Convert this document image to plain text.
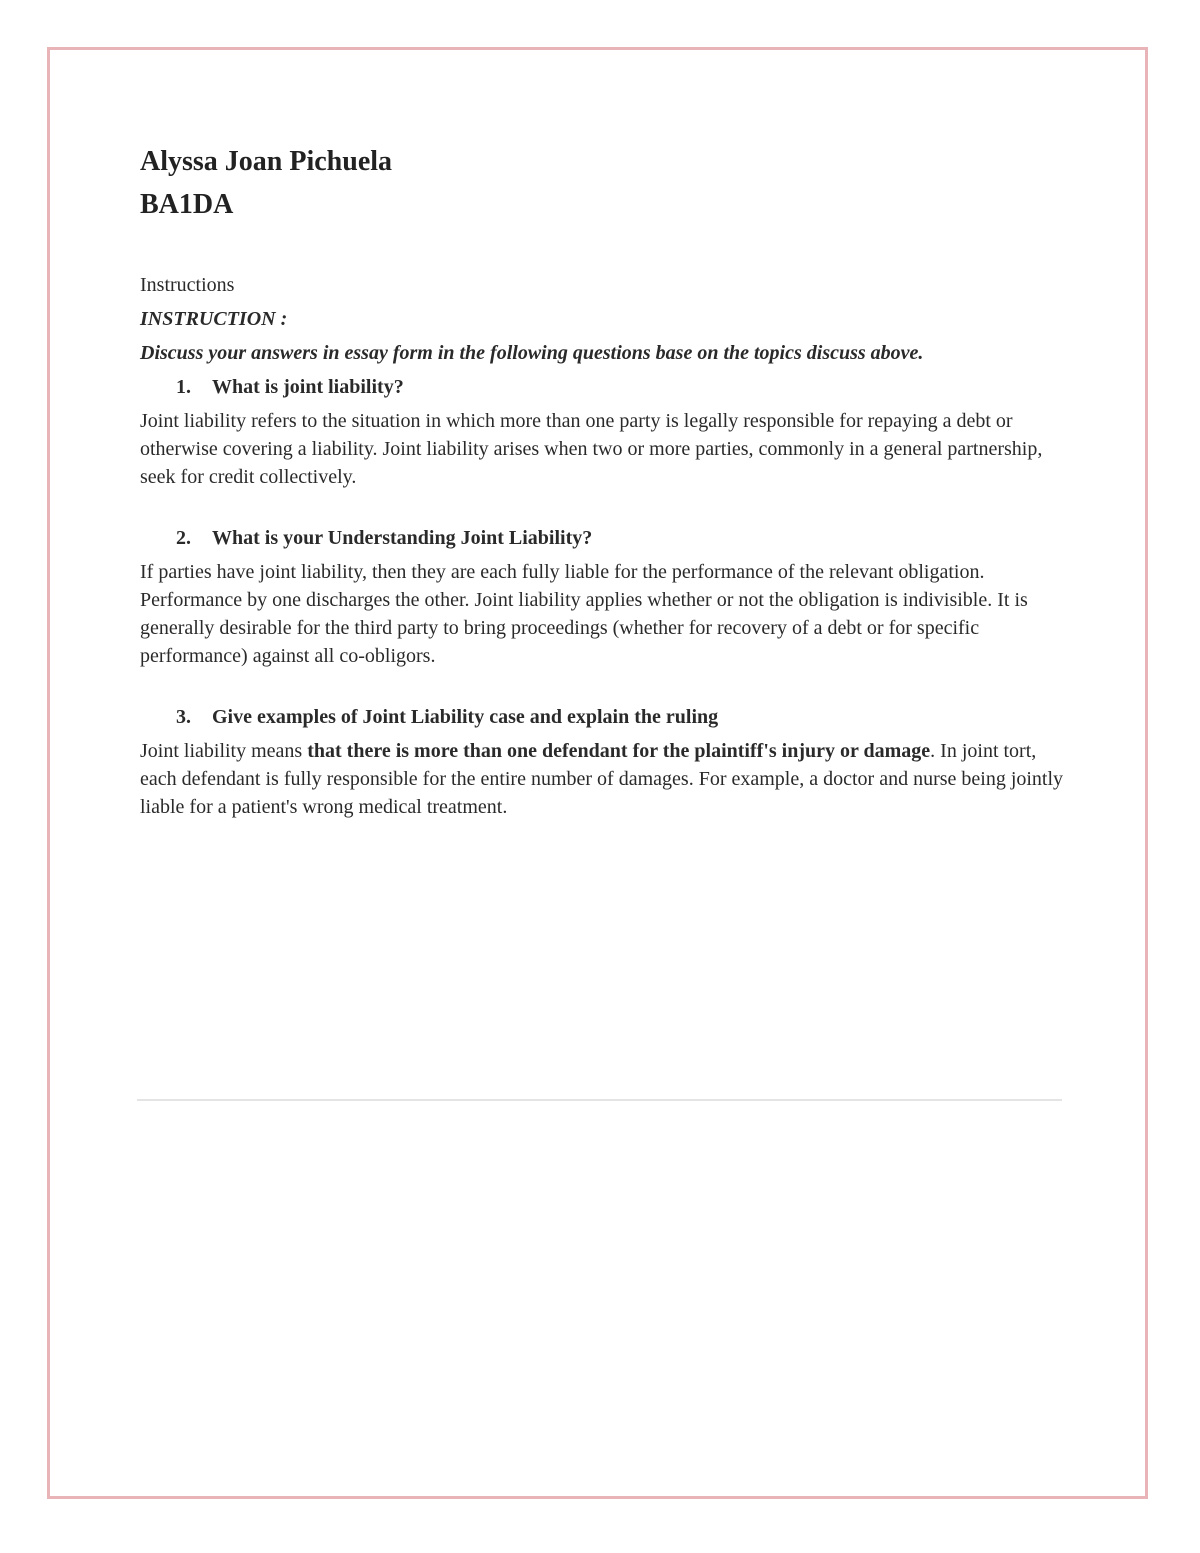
Alyssa Joan Pichuela
BA1DA

Instructions

INSTRUCTION :

Discuss your answers in essay form in the following questions base on the topics discuss above.

1.	What is joint liability?

Joint liability refers to the situation in which more than one party is legally responsible for repaying a debt or otherwise covering a liability. Joint liability arises when two or more parties, commonly in a general partnership, seek for credit collectively.

2.	What is your Understanding Joint Liability?

If parties have joint liability, then they are each fully liable for the performance of the relevant obligation. Performance by one discharges the other. Joint liability applies whether or not the obligation is indivisible. It is generally desirable for the third party to bring proceedings (whether for recovery of a debt or for specific performance) against all co-obligors.

3.	Give examples of Joint Liability case and explain the ruling

Joint liability means that there is more than one defendant for the plaintiff's injury or damage. In joint tort, each defendant is fully responsible for the entire number of damages. For example, a doctor and nurse being jointly liable for a patient's wrong medical treatment.
